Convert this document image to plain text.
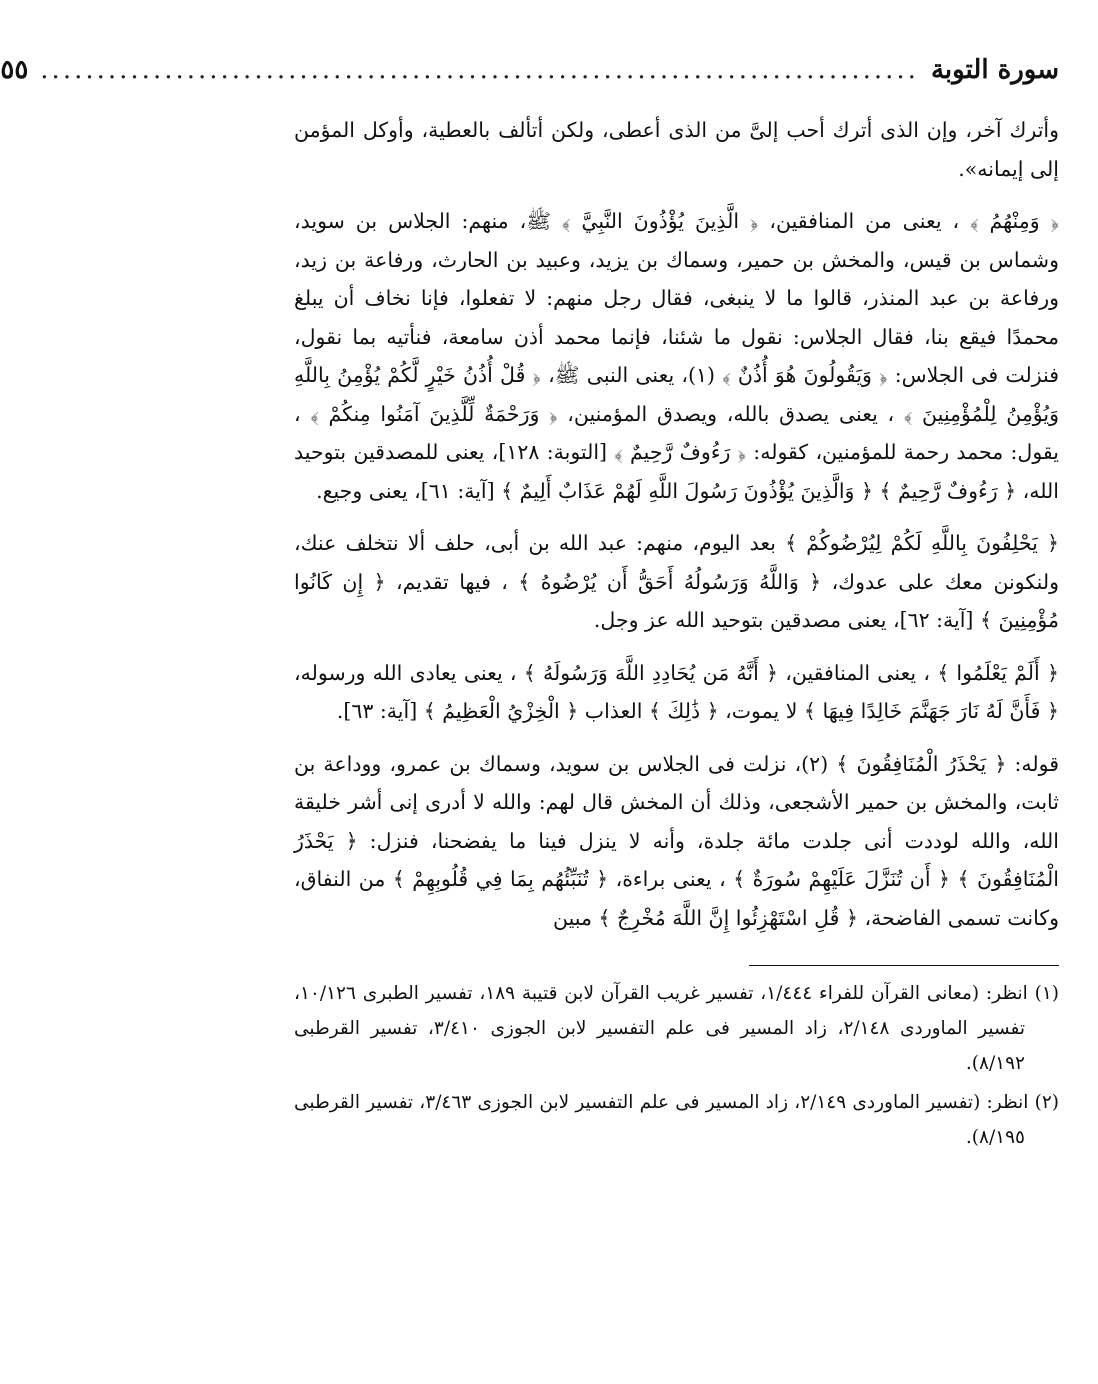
سورة التوبة
..............................................................................
٥٥

وأترك آخر، وإن الذى أترك أحب إلىَّ من الذى أعطى، ولكن أتألف بالعطية، وأوكل المؤمن إلى إيمانه».

﴿ وَمِنْهُمُ ﴾ ، يعنى من المنافقين، ﴿ الَّذِينَ يُؤْذُونَ النَّبِيَّ ﴾ ﷺ، منهم: الجلاس بن سويد، وشماس بن قيس، والمخش بن حمير، وسماك بن يزيد، وعبيد بن الحارث، ورفاعة بن زيد، ورفاعة بن عبد المنذر، قالوا ما لا ينبغى، فقال رجل منهم: لا تفعلوا، فإنا نخاف أن يبلغ محمدًا فيقع بنا، فقال الجلاس: نقول ما شئنا، فإنما محمد أذن سامعة، فنأتيه بما نقول، فنزلت فى الجلاس: ﴿ وَيَقُولُونَ هُوَ أُذُنٌ ﴾ (١)، يعنى النبى ﷺ، ﴿ قُلْ أُذُنُ خَيْرٍ لَّكُمْ يُؤْمِنُ بِاللَّهِ وَيُؤْمِنُ لِلْمُؤْمِنِينَ ﴾ ، يعنى يصدق بالله، ويصدق المؤمنين، ﴿ وَرَحْمَةٌ لِّلَّذِينَ آمَنُوا مِنكُمْ ﴾ ، يقول: محمد رحمة للمؤمنين، كقوله: ﴿ رَءُوفٌ رَّحِيمٌ ﴾ [التوبة: ١٢٨]، يعنى للمصدقين بتوحيد الله، ﴿ رَءُوفٌ رَّحِيمٌ ﴾ ﴿ وَالَّذِينَ يُؤْذُونَ رَسُولَ اللَّهِ لَهُمْ عَذَابٌ أَلِيمٌ ﴾ [آية: ٦١]، يعنى وجيع.

﴿ يَحْلِفُونَ بِاللَّهِ لَكُمْ لِيُرْضُوكُمْ ﴾ بعد اليوم، منهم: عبد الله بن أبى، حلف ألا نتخلف عنك، ولنكونن معك على عدوك، ﴿ وَاللَّهُ وَرَسُولُهُ أَحَقُّ أَن يُرْضُوهُ ﴾ ، فيها تقديم، ﴿ إِن كَانُوا مُؤْمِنِينَ ﴾ [آية: ٦٢]، يعنى مصدقين بتوحيد الله عز وجل.

﴿ أَلَمْ يَعْلَمُوا ﴾ ، يعنى المنافقين، ﴿ أَنَّهُ مَن يُحَادِدِ اللَّهَ وَرَسُولَهُ ﴾ ، يعنى يعادى الله ورسوله، ﴿ فَأَنَّ لَهُ نَارَ جَهَنَّمَ خَالِدًا فِيهَا ﴾ لا يموت، ﴿ ذَٰلِكَ ﴾ العذاب ﴿ الْخِزْيُ الْعَظِيمُ ﴾ [آية: ٦٣].

قوله: ﴿ يَحْذَرُ الْمُنَافِقُونَ ﴾ (٢)، نزلت فى الجلاس بن سويد، وسماك بن عمرو، ووداعة بن ثابت، والمخش بن حمير الأشجعى، وذلك أن المخش قال لهم: والله لا أدرى إنى أشر خليقة الله، والله لوددت أنى جلدت مائة جلدة، وأنه لا ينزل فينا ما يفضحنا، فنزل: ﴿ يَحْذَرُ الْمُنَافِقُونَ ﴾ ﴿ أَن تُنَزَّلَ عَلَيْهِمْ سُورَةٌ ﴾ ، يعنى براءة، ﴿ تُنَبِّئُهُم بِمَا فِي قُلُوبِهِمْ ﴾ من النفاق، وكانت تسمى الفاضحة، ﴿ قُلِ اسْتَهْزِئُوا إِنَّ اللَّهَ مُخْرِجٌ ﴾ مبين

(١) انظر: (معانى القرآن للفراء ١/٤٤٤، تفسير غريب القرآن لابن قتيبة ١٨٩، تفسير الطبرى ١٠/١٢٦، تفسير الماوردى ٢/١٤٨، زاد المسير فى علم التفسير لابن الجوزى ٣/٤١٠، تفسير القرطبى ٨/١٩٢).

(٢) انظر: (تفسير الماوردى ٢/١٤٩، زاد المسير فى علم التفسير لابن الجوزى ٣/٤٦٣، تفسير القرطبى ٨/١٩٥).
